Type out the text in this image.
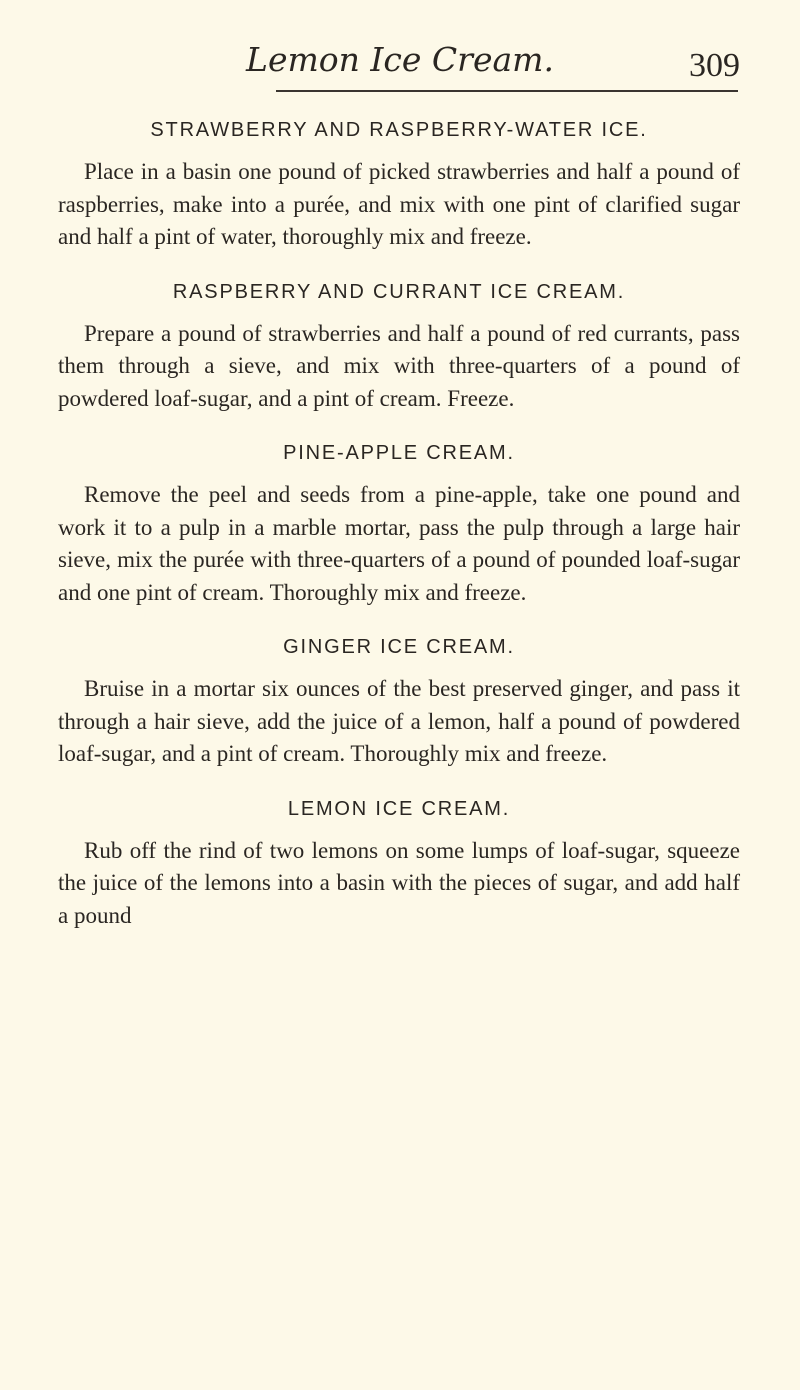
Lemon Ice Cream.	309
STRAWBERRY AND RASPBERRY-WATER ICE.

Place in a basin one pound of picked strawberries and half a pound of raspberries, make into a purée, and mix with one pint of clarified sugar and half a pint of water, thoroughly mix and freeze.

RASPBERRY AND CURRANT ICE CREAM.

Prepare a pound of strawberries and half a pound of red currants, pass them through a sieve, and mix with three-quarters of a pound of powdered loaf-sugar, and a pint of cream. Freeze.

PINE-APPLE CREAM.

Remove the peel and seeds from a pine-apple, take one pound and work it to a pulp in a marble mortar, pass the pulp through a large hair sieve, mix the purée with three-quarters of a pound of pounded loaf-sugar and one pint of cream. Thoroughly mix and freeze.

GINGER ICE CREAM.

Bruise in a mortar six ounces of the best preserved ginger, and pass it through a hair sieve, add the juice of a lemon, half a pound of powdered loaf-sugar, and a pint of cream. Thoroughly mix and freeze.

LEMON ICE CREAM.

Rub off the rind of two lemons on some lumps of loaf-sugar, squeeze the juice of the lemons into a basin with the pieces of sugar, and add half a pound
